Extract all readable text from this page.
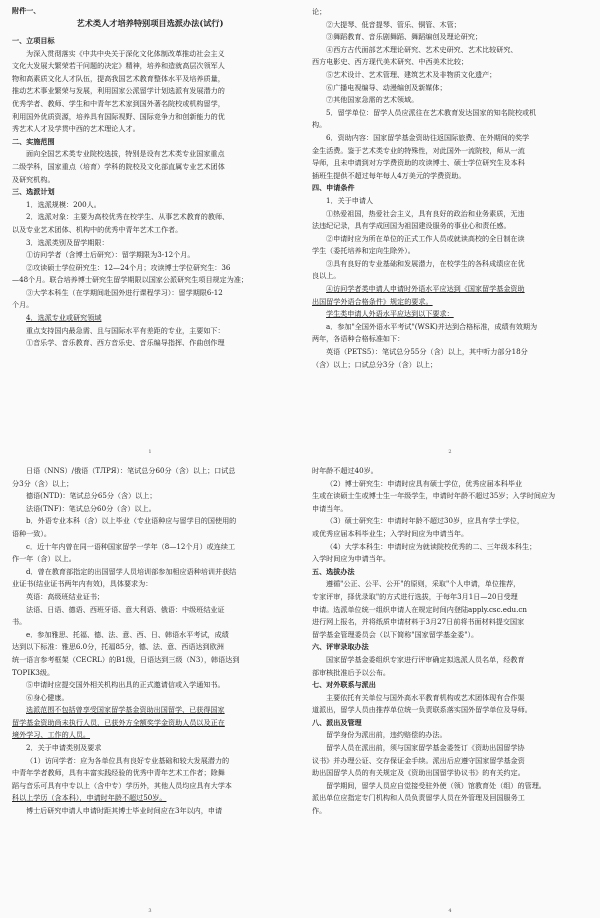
附件一、

艺术类人才培养特别项目选派办法(试行)

一、立项目标

为深入贯彻落实《中共中央关于深化文化体制改革推动社会主义

文化大发展大繁荣若干问题的决定》精神，培养和造就高层次领军人

物和高素质文化人才队伍，提高我国艺术教育整体水平及培养质量，

推动艺术事业繁荣与发展，利用国家公派留学计划选派有发展潜力的

优秀学者、教师、学生和中青年艺术家到国外著名院校或机构留学，

利用国外优质资源，培养具有国际视野、国际竞争力和创新能力的优

秀艺术人才及学贯中西的艺术理论人才。

二、实施范围

面向全国艺术类专业院校选拔，特别是设有艺术类专业国家重点

二级学科，国家重点（培育）学科的院校及文化部直属专业艺术团体

及研究机构。

三、选派计划

1．选派规模：200人。

2．选派对象：主要为高校优秀在校学生、从事艺术教育的教师、

以及专业艺术团体、机构中的优秀中青年艺术工作者。

3．选派类别及留学期限：

①访问学者（含博士后研究）：留学期限为3-12个月。

②攻读硕士学位研究生：12—24个月；攻读博士学位研究生：36

—48个月。联合培养博士研究生留学期限以国家公派研究生项目规定为准；

③大学本科生（在学期间赴国外进行课程学习）：留学期限6-12

个月。

4．选派专业或研究领域

重点支持国内最急需、且与国际水平有差距的专业，主要如下：

①音乐学、音乐教育、西方音乐史、音乐编导指挥、作曲创作理

1

论；

②大提琴、低音提琴、管乐、铜管、木管；

③舞蹈教育、音乐剧舞蹈、舞蹈编创及理论研究；

④西方古代面部艺术理论研究、艺术史研究、艺术比较研究、

西方电影史、西方现代美术研究、中西美术比较；

⑤艺术设计、艺术管理、建筑艺术及非物质文化遗产；

⑥广播电视编导、动漫编创及新媒体；

⑦其他国家急需的艺术领域。

5．留学单位：留学人员应派往在艺术教育发达国家的知名院校或机

构。

6．资助内容：国家留学基金资助往返国际旅费、在外期间的奖学

金生活费。鉴于艺术类专业的特殊性，对此国外一流院校，师从一流

导师，且未申请到对方学费资助的攻读博士、硕士学位研究生及本科

插班生提供不超过每年每人4万美元的学费资助。

四、申请条件

1．关于申请人

①热爱祖国，热爱社会主义，具有良好的政治和业务素质，无违

法违纪记录，具有学成回国为祖国建设服务的事业心和责任感。

②申请时应为所在单位的正式工作人员或就读高校的全日制在读

学生（委托培养和定向生除外）。

③具有良好的专业基础和发展潜力，在校学生的各科成绩应在优

良以上。

④访问学者类申请人申请时外语水平应达到《国家留学基金资助

出国留学外语合格条件》规定的要求。

学生类申请人外语水平应达到以下要求：

a．参加"全国外语水平考试"(WSK)并达到合格标准，成绩有效期为

两年，各语种合格标准如下：

英语（PETS5）：笔试总分55分（含）以上，其中听力部分18分

（含）以上；口试总分3分（含）以上；

2

日语（NNS）/俄语（TЛPЯ）：笔试总分60分（含）以上；口试总

分3分（含）以上；

德语(NTD)：笔试总分65分（含）以上；

法语(TNF)：笔试总分60分（含）以上。

b．外语专业本科（含）以上毕业（专业语种应与留学目的国使用的

语种一致）。

c．近十年内曾在同一语种国家留学一学年（8—12个月）或连续工

作一年（含）以上。

d．曾在教育部指定的出国留学人员培训部参加相应语种培训并获结

业证书(结业证书两年内有效)，具体要求为：

英语：高级班结业证书；

法语、日语、德语、西班牙语、意大利语、俄语：中级班结业证

书。

e．参加雅思、托福、德、法、意、西、日、韩语水平考试，成绩

达到以下标准：雅思6.0分，托福85分，德、法、意、西语达到欧洲

统一语言参考框架（CECRL）的B1级，日语达到三级（N3），韩语达到

TOPIK3级。

⑤申请时应提交国外相关机构出具的正式邀请信或入学通知书。

⑥身心健康。

选派范围不包括曾享受国家留学基金资助出国留学、已获得国家

留学基金资助尚未执行人员，已获外方全额奖学金资助人员以及正在

境外学习、工作的人员。

2．关于申请类别及要求

（1）访问学者：应为各单位具有良好专业基础和较大发展潜力的

中青年学者教师，具有丰富实践经验的优秀中青年艺术工作者；除舞

蹈与音乐可具有中专以上（含中专）学历外，其他人员均应具有大学本

科以上学历（含本科），申请时年龄不超过50岁。

博士后研究申请人申请时距其博士毕业时间应在3年以内，申请

3

时年龄不超过40岁。

（2）博士研究生：申请时应具有硕士学位，优秀应届本科毕业

生或在读硕士生或博士生一年级学生，申请时年龄不超过35岁；入学时间应为

申请当年。

（3）硕士研究生：申请时年龄不超过30岁，应具有学士学位，

或优秀应届本科毕业生；入学时间应为申请当年。

（4）大学本科生：申请时应为就读院校优秀的二、三年级本科生；

入学时间应为申请当年。

五、选拔办法

遵循"公正、公平、公开"的原则，采取"个人申请，单位推荐，

专家评审，择优录取"的方式进行选拔，于每年3月1日—20日受理

申请。选派单位统一组织申请人在规定时间内登陆apply.csc.edu.cn

进行网上报名，并将纸质申请材料于3月27日前将书面材料提交国家

留学基金管理委员会（以下简称"国家留学基金委"）。

六、评审录取办法

国家留学基金委组织专家进行评审确定拟选派人员名单，经教育

部审核批准后予以公布。

七、对外联系与派出

主要依托有关单位与国外高水平教育机构或艺术团体现有合作渠

道派出，留学人员由推荐单位统一负责联系落实国外留学单位及导师。

八、派出及管理

留学身份为派出前，违约赔偿的办法。

留学人员在派出前，须与国家留学基金委签订《资助出国留学协

议书》并办理公证、交存保证金手续。派出后应遵守国家留学基金资

助出国留学人员的有关规定及《资助出国留学协议书》的有关约定。

留学期间，留学人员应自觉接受驻外使（领）馆教育处（组）的管理。

派出单位应指定专门机构和人员负责留学人员在外管理及回国服务工

作。

4
